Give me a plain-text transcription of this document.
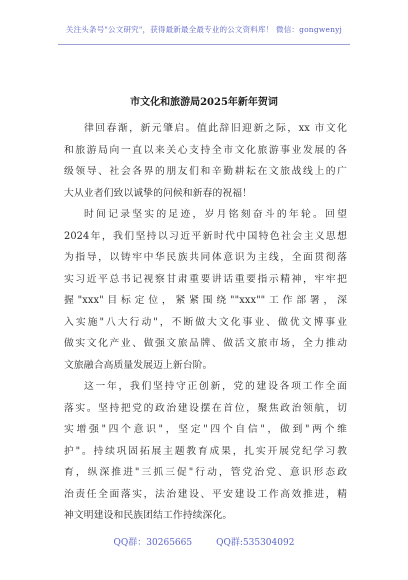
关注头条号"公文研究"，获得最新最全最专业的公文资料库！ 微信：gongwenyj
市文化和旅游局2025年新年贺词
律回春渐，新元肇启。值此辞旧迎新之际，xx 市文化
和旅游局向一直以来关心支持全市文化旅游事业发展的各
级领导、社会各界的朋友们和辛勤耕耘在文旅战线上的广
大从业者们致以诚挚的问候和新春的祝福！
时间记录坚实的足迹，岁月铭刻奋斗的年轮。回望
2024年，我们坚持以习近平新时代中国特色社会主义思想
为指导，以铸牢中华民族共同体意识为主线，全面贯彻落
实习近平总书记视察甘肃重要讲话重要指示精神，牢牢把
握"xxx"目标定位，紧紧围绕""xxx""工作部署，深
入实施"八大行动"，不断做大文化事业、做优文博事业
做实文化产业、做强文旅品牌、做活文旅市场，全力推动
文旅融合高质量发展迈上新台阶。
这一年，我们坚持守正创新，党的建设各项工作全面
落实。坚持把党的政治建设摆在首位，聚焦政治领航，切
实增强"四个意识"，坚定"四个自信"，做到"两个维
护"。持续巩固拓展主题教育成果，扎实开展党纪学习教
育，纵深推进"三抓三促"行动，管党治党、意识形态政
治责任全面落实，法治建设、平安建设工作高效推进，精
神文明建设和民族团结工作持续深化。
QQ群：30265665	QQ群:535304092
